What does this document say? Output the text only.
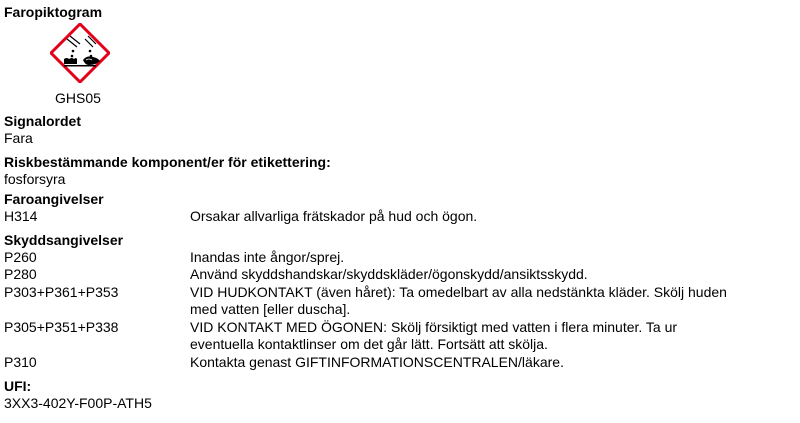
Faropiktogram
GHS05
Signalordet
Fara
Riskbestämmande komponent/er för etikettering:
fosforsyra
Faroangivelser
H314	Orsakar allvarliga frätskador på hud och ögon.
Skyddsangivelser
P260	Inandas inte ångor/sprej.
P280	Använd skyddshandskar/skyddskläder/ögonskydd/ansiktsskydd.
P303+P361+P353	VID HUDKONTAKT (även håret): Ta omedelbart av alla nedstänkta kläder. Skölj huden
med vatten [eller duscha].
P305+P351+P338	VID KONTAKT MED ÖGONEN: Skölj försiktigt med vatten i flera minuter. Ta ur
eventuella kontaktlinser om det går lätt. Fortsätt att skölja.
P310	Kontakta genast GIFTINFORMATIONSCENTRALEN/läkare.
UFI:
3XX3-402Y-F00P-ATH5
